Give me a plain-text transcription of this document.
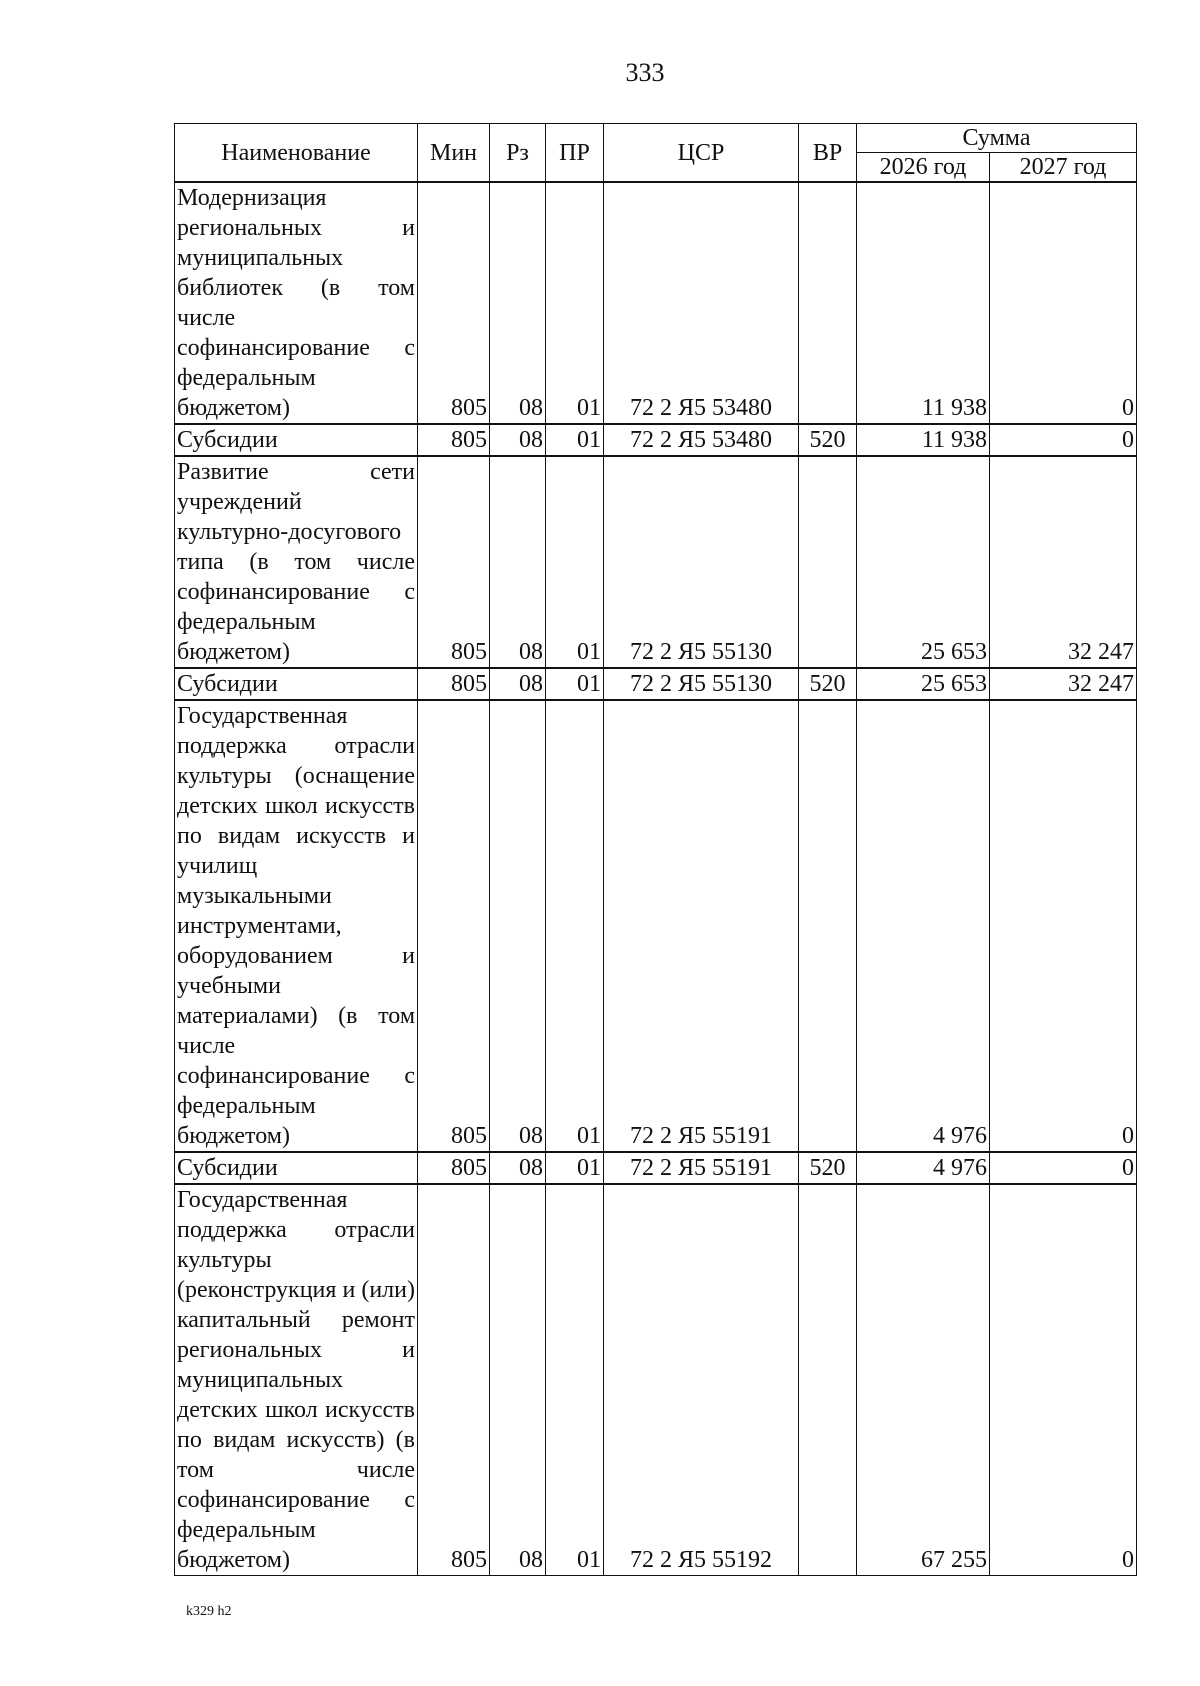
333
Наименование	Мин	Рз	ПР	ЦСР	ВР	Сумма	
						2026 год	2027 год
Модернизация региональных и муниципальных библиотек (в том числе софинансирование с федеральным бюджетом)	805	08	01	72 2 Я5 53480		11 938	0
Субсидии	805	08	01	72 2 Я5 53480	520	11 938	0
Развитие сети учреждений культурно-досугового типа (в том числе софинансирование с федеральным бюджетом)	805	08	01	72 2 Я5 55130		25 653	32 247
Субсидии	805	08	01	72 2 Я5 55130	520	25 653	32 247
Государственная поддержка отрасли культуры (оснащение детских школ искусств по видам искусств и училищ музыкальными инструментами, оборудованием и учебными материалами) (в том числе софинансирование с федеральным бюджетом)	805	08	01	72 2 Я5 55191		4 976	0
Субсидии	805	08	01	72 2 Я5 55191	520	4 976	0
Государственная поддержка отрасли культуры (реконструкция и (или) капитальный ремонт региональных и муниципальных детских школ искусств по видам искусств) (в том числе софинансирование с федеральным бюджетом)	805	08	01	72 2 Я5 55192		67 255	0
k329 h2
